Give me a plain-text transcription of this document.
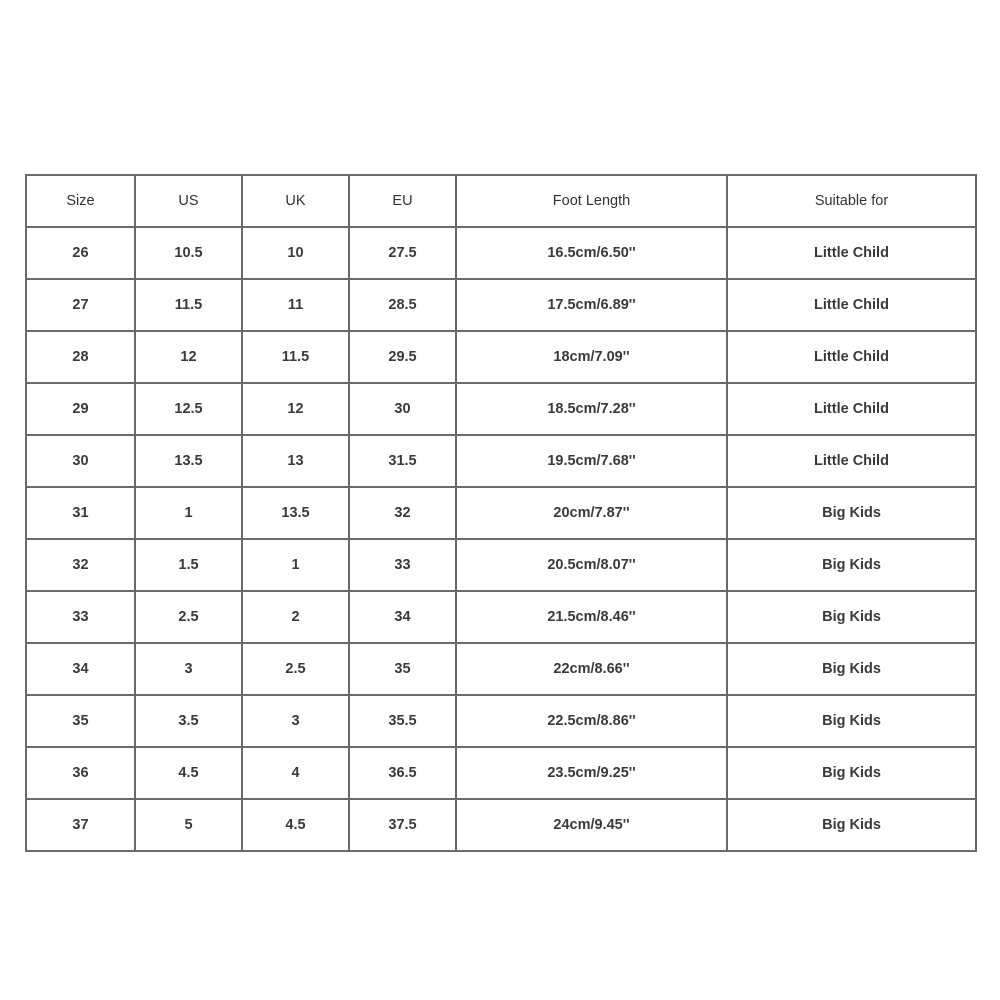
Size	US	UK	EU	Foot Length	Suitable for
26	10.5	10	27.5	16.5cm/6.50''	Little Child
27	11.5	11	28.5	17.5cm/6.89''	Little Child
28	12	11.5	29.5	18cm/7.09''	Little Child
29	12.5	12	30	18.5cm/7.28''	Little Child
30	13.5	13	31.5	19.5cm/7.68''	Little Child
31	1	13.5	32	20cm/7.87''	Big Kids
32	1.5	1	33	20.5cm/8.07''	Big Kids
33	2.5	2	34	21.5cm/8.46''	Big Kids
34	3	2.5	35	22cm/8.66''	Big Kids
35	3.5	3	35.5	22.5cm/8.86''	Big Kids
36	4.5	4	36.5	23.5cm/9.25''	Big Kids
37	5	4.5	37.5	24cm/9.45''	Big Kids
